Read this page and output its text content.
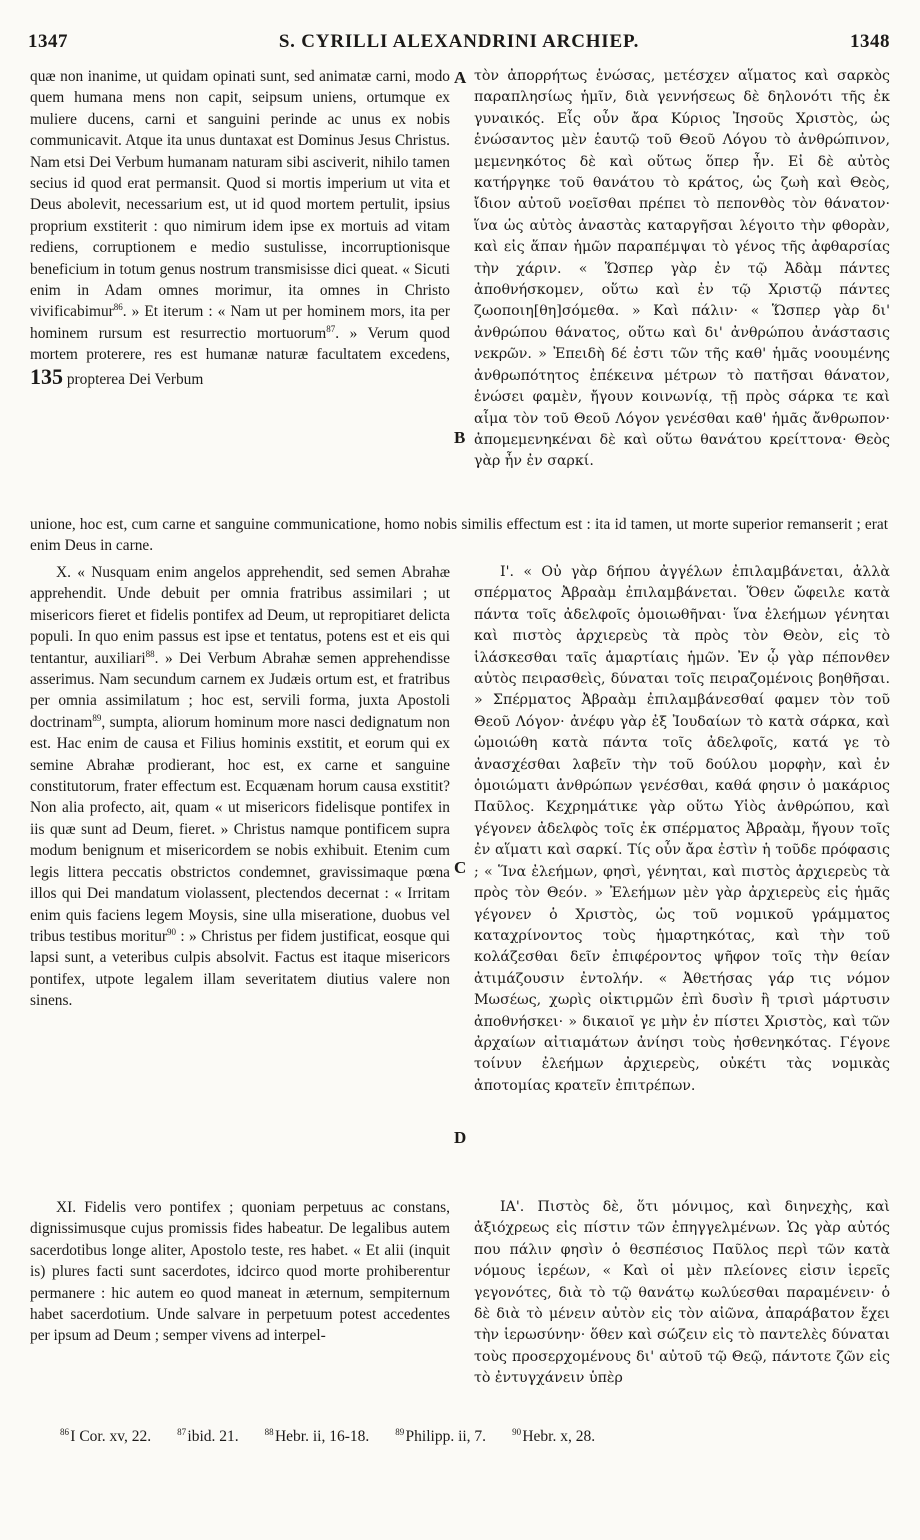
1347	S. CYRILLI ALEXANDRINI ARCHIEP.	1348

quæ non inanime, ut quidam opinati sunt, sed animatæ carni, modo quem humana mens non capit, seipsum uniens, ortumque ex muliere ducens, carni et sanguini perinde ac unus ex nobis communicavit. Atque ita unus duntaxat est Dominus Jesus Christus. Nam etsi Dei Verbum humanam naturam sibi asciverit, nihilo tamen secius id quod erat permansit. Quod si mortis imperium ut vita et Deus abolevit, necessarium est, ut id quod mortem pertulit, ipsius proprium exstiterit : quo nimirum idem ipse ex mortuis ad vitam rediens, corruptionem e medio sustulisse, incorruptionisque beneficium in totum genus nostrum transmisisse dici queat. « Sicuti enim in Adam omnes morimur, ita omnes in Christo vivificabimur$^{86}$. » Et iterum : « Nam ut per hominem mors, ita per hominem rursum est resurrectio mortuorum$^{87}$. » Verum quod mortem proterere, res est humanæ naturæ facultatem excedens, 135 propterea Dei Verbum

τὸν ἀπορρήτως ἑνώσας, μετέσχεν αἵματος καὶ σαρκὸς παραπλησίως ἡμῖν, διὰ γεννήσεως δὲ δηλονότι τῆς ἐκ γυναικός. Εἷς οὖν ἄρα Κύριος Ἰησοῦς Χριστὸς, ὡς ἑνώσαντος μὲν ἑαυτῷ τοῦ Θεοῦ Λόγου τὸ ἀνθρώπινον, μεμενηκότος δὲ καὶ οὕτως ὅπερ ἦν. Εἰ δὲ αὐτὸς κατήργηκε τοῦ θανάτου τὸ κράτος, ὡς ζωὴ καὶ Θεὸς, ἴδιον αὐτοῦ νοεῖσθαι πρέπει τὸ πεπονθὸς τὸν θάνατον· ἵνα ὡς αὐτὸς ἀναστὰς καταργῆσαι λέγοιτο τὴν φθορὰν, καὶ εἰς ἅπαν ἡμῶν παραπέμψαι τὸ γένος τῆς ἀφθαρσίας τὴν χάριν. « Ὥσπερ γὰρ ἐν τῷ Ἀδὰμ πάντες ἀποθνήσκομεν, οὕτω καὶ ἐν τῷ Χριστῷ πάντες ζωοποιη[θη]σόμεθα. » Καὶ πάλιν· « Ὥσπερ γὰρ δι' ἀνθρώπου θάνατος, οὕτω καὶ δι' ἀνθρώπου ἀνάστασις νεκρῶν. » Ἐπειδὴ δέ ἐστι τῶν τῆς καθ' ἡμᾶς νοουμένης ἀνθρωπότητος ἐπέκεινα μέτρων τὸ πατῆσαι θάνατον, ἑνώσει φαμὲν, ἤγουν κοινωνίᾳ, τῇ πρὸς σάρκα τε καὶ αἷμα τὸν τοῦ Θεοῦ Λόγον γενέσθαι καθ' ἡμᾶς ἄνθρωπον· ἀπομεμενηκέναι δὲ καὶ οὕτω θανάτου κρείττονα· Θεὸς γὰρ ἦν ἐν σαρκί.

A
B
unione, hoc est, cum carne et sanguine communicatione, homo nobis similis effectum est : ita id tamen, ut morte superior remanserit ; erat enim Deus in carne.

X. « Nusquam enim angelos apprehendit, sed semen Abrahæ apprehendit. Unde debuit per omnia fratribus assimilari ; ut misericors fieret et fidelis pontifex ad Deum, ut repropitiaret delicta populi. In quo enim passus est ipse et tentatus, potens est et eis qui tentantur, auxiliari$^{88}$. » Dei Verbum Abrahæ semen apprehendisse asserimus. Nam secundum carnem ex Judæis ortum est, et fratribus per omnia assimilatum ; hoc est, servili forma, juxta Apostoli doctrinam$^{89}$, sumpta, aliorum hominum more nasci dedignatum non est. Hac enim de causa et Filius hominis exstitit, et eorum qui ex semine Abrahæ prodierant, hoc est, ex carne et sanguine constitutorum, frater effectum est. Ecquænam horum causa exstitit? Non alia profecto, ait, quam « ut misericors fidelisque pontifex in iis quæ sunt ad Deum, fieret. » Christus namque pontificem supra modum benignum et misericordem se nobis exhibuit. Etenim cum legis littera peccatis obstrictos condemnet, gravissimaque pœna illos qui Dei mandatum violassent, plectendos decernat : « Irritam enim quis faciens legem Moysis, sine ulla miseratione, duobus vel tribus testibus moritur$^{90}$ : » Christus per fidem justificat, eosque qui lapsi sunt, a veteribus culpis absolvit. Factus est itaque misericors pontifex, utpote legalem illam severitatem diutius valere non sinens.

Ι'. « Οὐ γὰρ δήπου ἀγγέλων ἐπιλαμβάνεται, ἀλλὰ σπέρματος Ἀβραὰμ ἐπιλαμβάνεται. Ὅθεν ὤφειλε κατὰ πάντα τοῖς ἀδελφοῖς ὁμοιωθῆναι· ἵνα ἐλεήμων γένηται καὶ πιστὸς ἀρχιερεὺς τὰ πρὸς τὸν Θεὸν, εἰς τὸ ἱλάσκεσθαι ταῖς ἁμαρτίαις ἡμῶν. Ἐν ᾧ γὰρ πέπονθεν αὐτὸς πειρασθεὶς, δύναται τοῖς πειραζομένοις βοηθῆσαι. » Σπέρματος Ἀβραὰμ ἐπιλαμβάνεσθαί φαμεν τὸν τοῦ Θεοῦ Λόγον· ἀνέφυ γὰρ ἐξ Ἰουδαίων τὸ κατὰ σάρκα, καὶ ὡμοιώθη κατὰ πάντα τοῖς ἀδελφοῖς, κατά γε τὸ ἀνασχέσθαι λαβεῖν τὴν τοῦ δούλου μορφὴν, καὶ ἐν ὁμοιώματι ἀνθρώπων γενέσθαι, καθά φησιν ὁ μακάριος Παῦλος. Κεχρημάτικε γὰρ οὕτω Υἱὸς ἀνθρώπου, καὶ γέγονεν ἀδελφὸς τοῖς ἐκ σπέρματος Ἀβραὰμ, ἤγουν τοῖς ἐν αἵματι καὶ σαρκί. Τίς οὖν ἄρα ἐστὶν ἡ τοῦδε πρόφασις ; « Ἵνα ἐλεήμων, φησὶ, γένηται, καὶ πιστὸς ἀρχιερεὺς τὰ πρὸς τὸν Θεόν. » Ἐλεήμων μὲν γὰρ ἀρχιερεὺς εἰς ἡμᾶς γέγονεν ὁ Χριστὸς, ὡς τοῦ νομικοῦ γράμματος καταχρίνοντος τοὺς ἡμαρτηκότας, καὶ τὴν τοῦ κολάζεσθαι δεῖν ἐπιφέροντος ψῆφον τοῖς τὴν θείαν ἀτιμάζουσιν ἐντολήν. « Ἀθετήσας γάρ τις νόμον Μωσέως, χωρὶς οἰκτιρμῶν ἐπὶ δυσὶν ἢ τρισὶ μάρτυσιν ἀποθνήσκει· » δικαιοῖ γε μὴν ἐν πίστει Χριστὸς, καὶ τῶν ἀρχαίων αἰτιαμάτων ἀνίησι τοὺς ἠσθενηκότας. Γέγονε τοίνυν ἐλεήμων ἀρχιερεὺς, οὐκέτι τὰς νομικὰς ἀποτομίας κρατεῖν ἐπιτρέπων.

C
D

XI. Fidelis vero pontifex ; quoniam perpetuus ac constans, dignissimusque cujus promissis fides habeatur. De legalibus autem sacerdotibus longe aliter, Apostolo teste, res habet. « Et alii (inquit is) plures facti sunt sacerdotes, idcirco quod morte prohiberentur permanere : hic autem eo quod maneat in æternum, sempiternum habet sacerdotium. Unde salvare in perpetuum potest accedentes per ipsum ad Deum ; semper vivens ad interpel-

ΙΑ'. Πιστὸς δὲ, ὅτι μόνιμος, καὶ διηνεχὴς, καὶ ἀξιόχρεως εἰς πίστιν τῶν ἐπηγγελμένων. Ὡς γὰρ αὐτός που πάλιν φησὶν ὁ θεσπέσιος Παῦλος περὶ τῶν κατὰ νόμους ἱερέων, « Καὶ οἱ μὲν πλείονες εἰσιν ἱερεῖς γεγονότες, διὰ τὸ τῷ θανάτῳ κωλύεσθαι παραμένειν· ὁ δὲ διὰ τὸ μένειν αὐτὸν εἰς τὸν αἰῶνα, ἀπαράβατον ἔχει τὴν ἱερωσύνην· ὅθεν καὶ σώζειν εἰς τὸ παντελὲς δύναται τοὺς προσερχομένους δι' αὐτοῦ τῷ Θεῷ, πάντοτε ζῶν εἰς τὸ ἐντυγχάνειν ὑπὲρ

$^{86}$ I Cor. xv, 22.	$^{87}$ ibid. 21.	$^{88}$ Hebr. ii, 16-18.	$^{89}$ Philipp. ii, 7.	$^{90}$ Hebr. x, 28.
